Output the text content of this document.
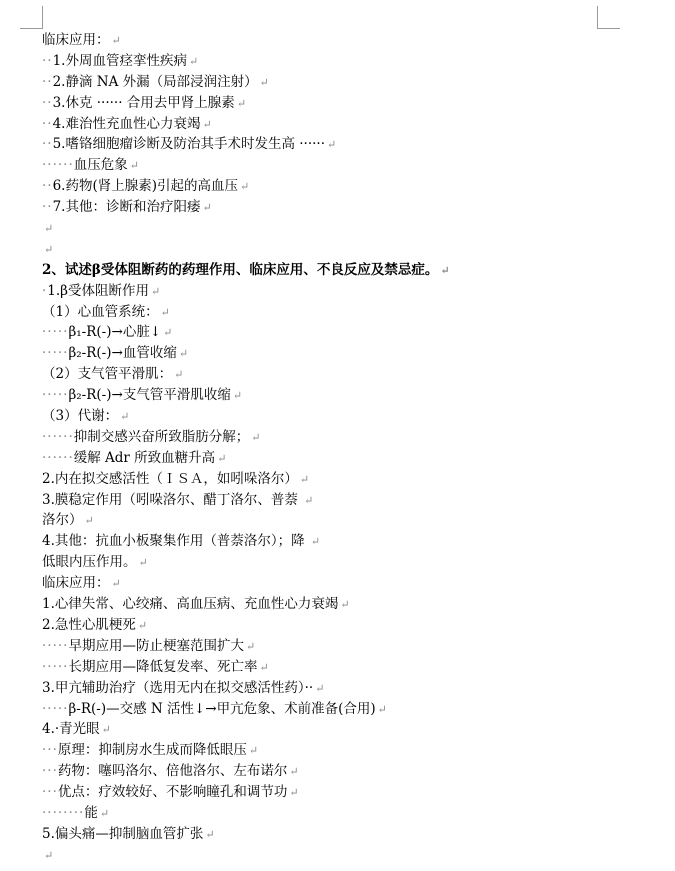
临床应用： ↵
··1.外周血管痉挛性疾病 ↵
··2.静滴 NA 外漏（局部浸润注射） ↵
··3.休克 ······ 合用去甲肾上腺素 ↵
··4.难治性充血性心力衰竭 ↵
··5.嗜铬细胞瘤诊断及防治其手术时发生高 ······ ↵
······血压危象 ↵
··6.药物(肾上腺素)引起的高血压 ↵
··7.其他：诊断和治疗阳痿 ↵
↵
↵
2、试述β受体阻断药的药理作用、临床应用、不良反应及禁忌症。 ↵
·1.β受体阻断作用 ↵
（1）心血管系统： ↵
·····β₁-R(-)→心脏↓ ↵
·····β₂-R(-)→血管收缩 ↵
（2）支气管平滑肌： ↵
·····β₂-R(-)→支气管平滑肌收缩 ↵
（3）代谢： ↵
······抑制交感兴奋所致脂肪分解； ↵
······缓解 Adr 所致血糖升高 ↵
2.内在拟交感活性（ＩＳＡ，如吲哚洛尔） ↵
3.膜稳定作用（吲哚洛尔、醋丁洛尔、普萘 ↵
洛尔） ↵
4.其他：抗血小板聚集作用（普萘洛尔）；降 ↵
低眼内压作用。 ↵
临床应用： ↵
1.心律失常、心绞痛、高血压病、充血性心力衰竭 ↵
2.急性心肌梗死 ↵
·····早期应用—防止梗塞范围扩大 ↵
·····长期应用—降低复发率、死亡率 ↵
3.甲亢辅助治疗（选用无内在拟交感活性药）·· ↵
·····β-R(-)—交感 N 活性↓→甲亢危象、术前准备(合用) ↵
4.·青光眼 ↵
···原理：抑制房水生成而降低眼压 ↵
···药物：噻吗洛尔、倍他洛尔、左布诺尔 ↵
···优点：疗效较好、不影响瞳孔和调节功 ↵
········能 ↵
5.偏头痛—抑制脑血管扩张 ↵
↵
